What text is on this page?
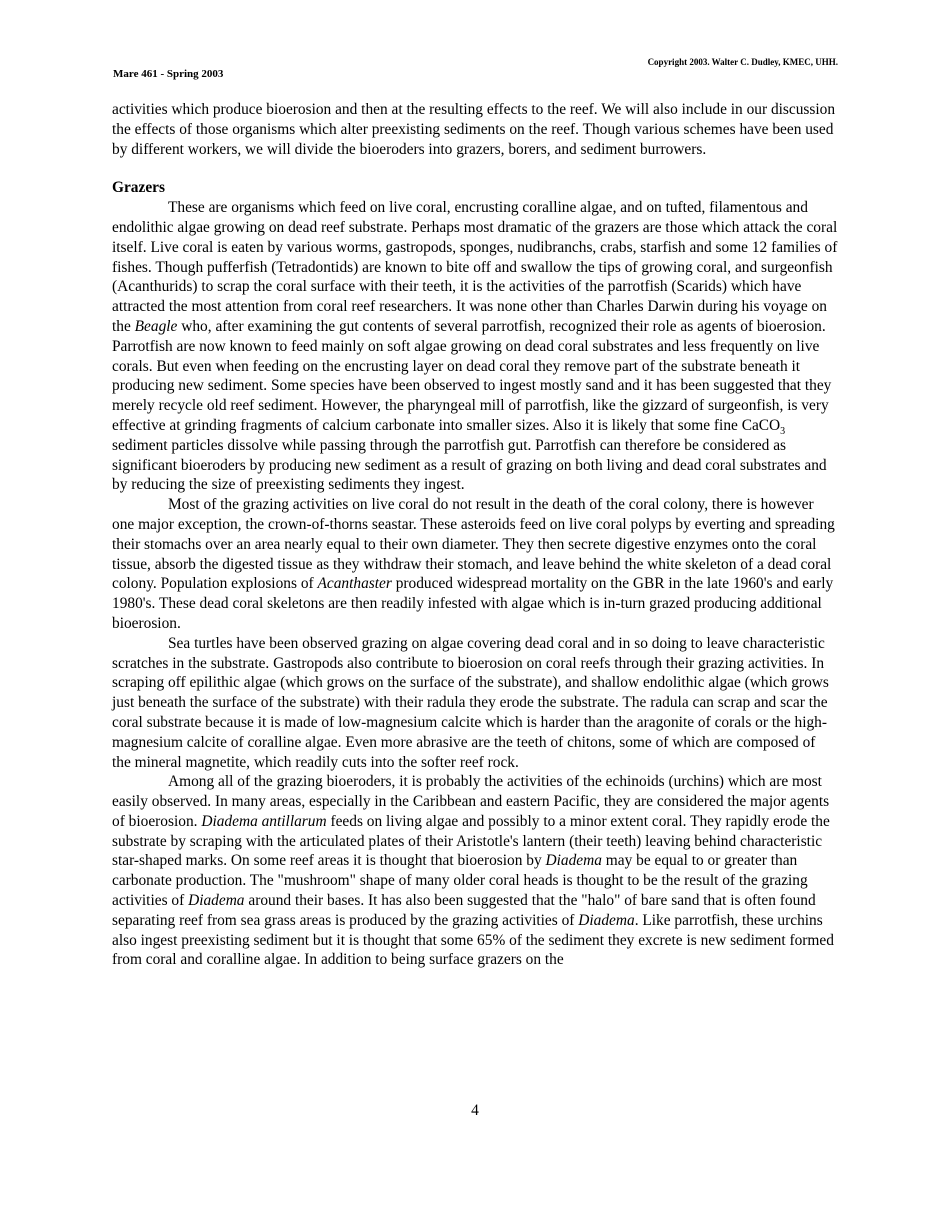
Copyright 2003. Walter C. Dudley, KMEC, UHH.
Mare 461 - Spring 2003

activities which produce bioerosion and then at the resulting effects to the reef. We will also include in our discussion the effects of those organisms which alter preexisting sediments on the reef. Though various schemes have been used by different workers, we will divide the bioeroders into grazers, borers, and sediment burrowers.

Grazers

These are organisms which feed on live coral, encrusting coralline algae, and on tufted, filamentous and endolithic algae growing on dead reef substrate. Perhaps most dramatic of the grazers are those which attack the coral itself. Live coral is eaten by various worms, gastropods, sponges, nudibranchs, crabs, starfish and some 12 families of fishes. Though pufferfish (Tetradontids) are known to bite off and swallow the tips of growing coral, and surgeonfish (Acanthurids) to scrap the coral surface with their teeth, it is the activities of the parrotfish (Scarids) which have attracted the most attention from coral reef researchers. It was none other than Charles Darwin during his voyage on the Beagle who, after examining the gut contents of several parrotfish, recognized their role as agents of bioerosion. Parrotfish are now known to feed mainly on soft algae growing on dead coral substrates and less frequently on live corals. But even when feeding on the encrusting layer on dead coral they remove part of the substrate beneath it producing new sediment. Some species have been observed to ingest mostly sand and it has been suggested that they merely recycle old reef sediment. However, the pharyngeal mill of parrotfish, like the gizzard of surgeonfish, is very effective at grinding fragments of calcium carbonate into smaller sizes. Also it is likely that some fine CaCO$_3$ sediment particles dissolve while passing through the parrotfish gut. Parrotfish can therefore be considered as significant bioeroders by producing new sediment as a result of grazing on both living and dead coral substrates and by reducing the size of preexisting sediments they ingest.

Most of the grazing activities on live coral do not result in the death of the coral colony, there is however one major exception, the crown-of-thorns seastar. These asteroids feed on live coral polyps by everting and spreading their stomachs over an area nearly equal to their own diameter. They then secrete digestive enzymes onto the coral tissue, absorb the digested tissue as they withdraw their stomach, and leave behind the white skeleton of a dead coral colony. Population explosions of Acanthaster produced widespread mortality on the GBR in the late 1960's and early 1980's. These dead coral skeletons are then readily infested with algae which is in-turn grazed producing additional bioerosion.

Sea turtles have been observed grazing on algae covering dead coral and in so doing to leave characteristic scratches in the substrate. Gastropods also contribute to bioerosion on coral reefs through their grazing activities. In scraping off epilithic algae (which grows on the surface of the substrate), and shallow endolithic algae (which grows just beneath the surface of the substrate) with their radula they erode the substrate. The radula can scrap and scar the coral substrate because it is made of low-magnesium calcite which is harder than the aragonite of corals or the high-magnesium calcite of coralline algae. Even more abrasive are the teeth of chitons, some of which are composed of the mineral magnetite, which readily cuts into the softer reef rock.

Among all of the grazing bioeroders, it is probably the activities of the echinoids (urchins) which are most easily observed. In many areas, especially in the Caribbean and eastern Pacific, they are considered the major agents of bioerosion. Diadema antillarum feeds on living algae and possibly to a minor extent coral. They rapidly erode the substrate by scraping with the articulated plates of their Aristotle's lantern (their teeth) leaving behind characteristic star-shaped marks. On some reef areas it is thought that bioerosion by Diadema may be equal to or greater than carbonate production. The "mushroom" shape of many older coral heads is thought to be the result of the grazing activities of Diadema around their bases. It has also been suggested that the "halo" of bare sand that is often found separating reef from sea grass areas is produced by the grazing activities of Diadema. Like parrotfish, these urchins also ingest preexisting sediment but it is thought that some 65% of the sediment they excrete is new sediment formed from coral and coralline algae. In addition to being surface grazers on the

4
